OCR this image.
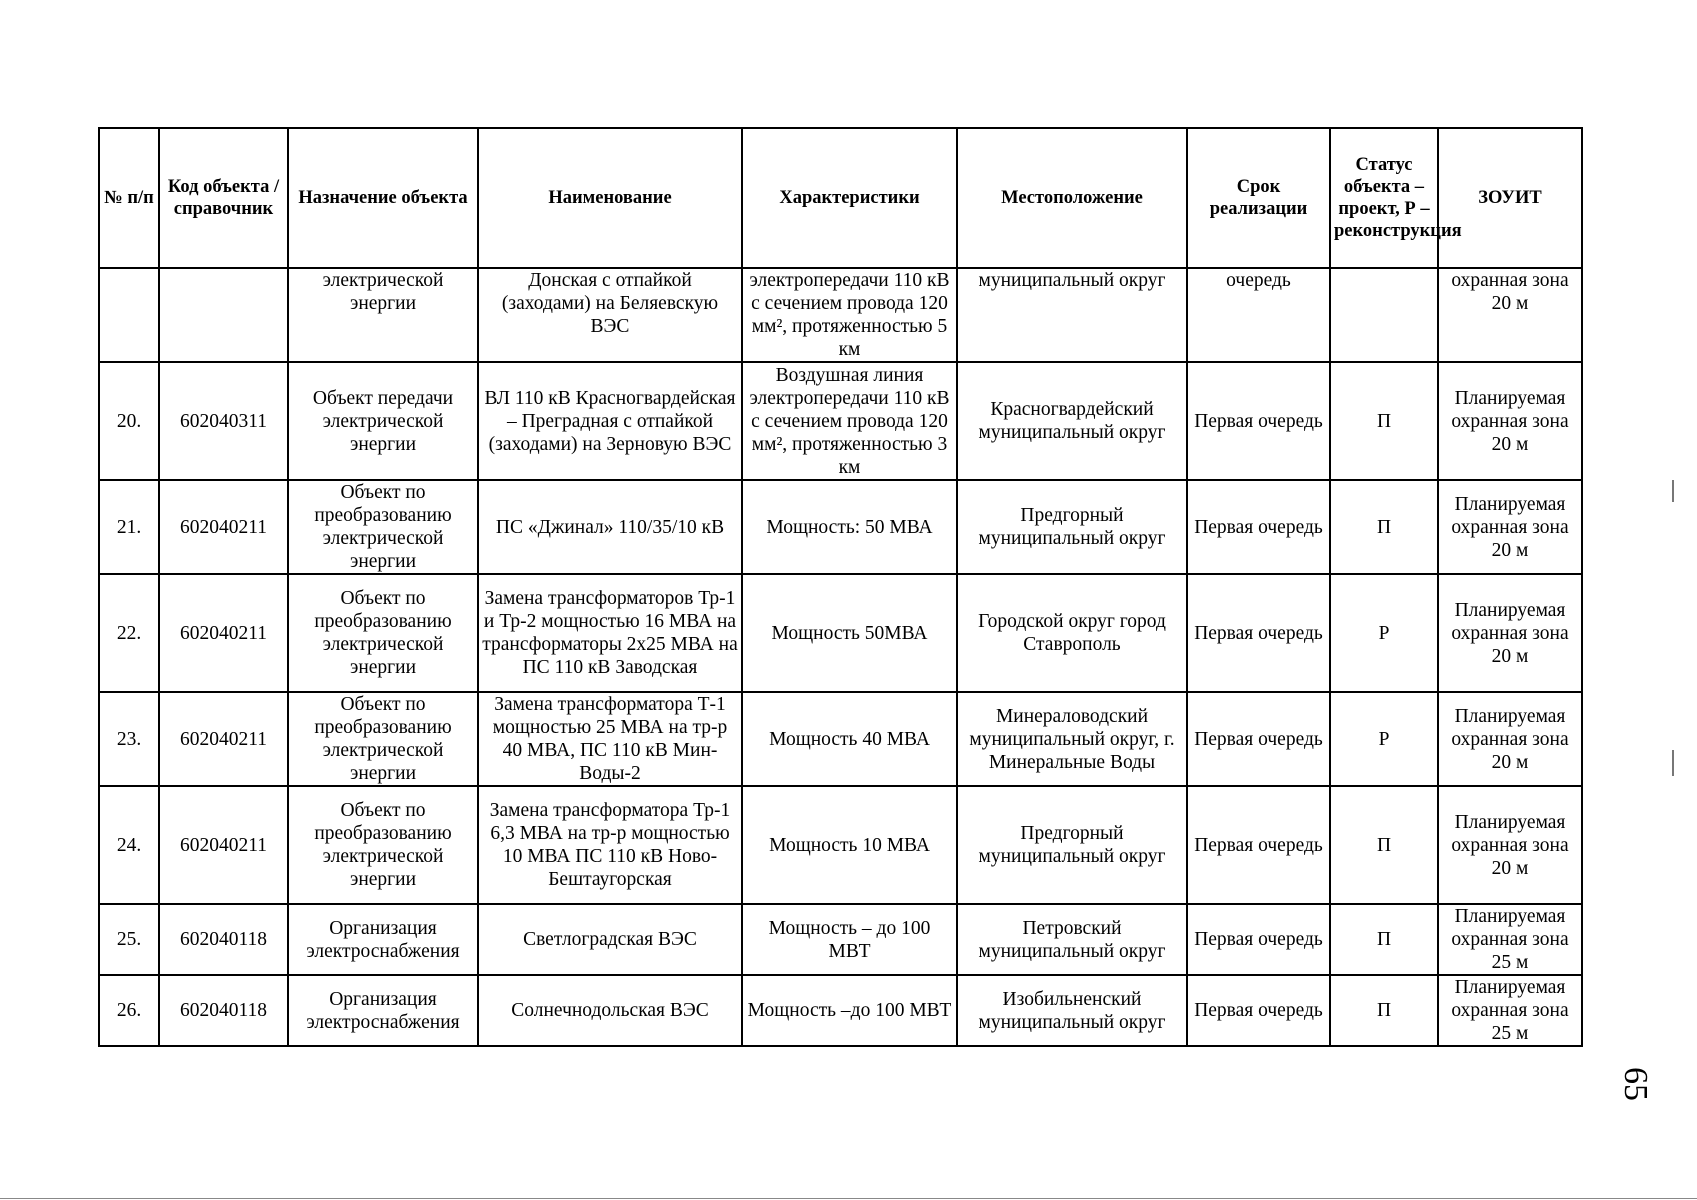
№ п/п	Код объекта / справочник	Назначение объекта	Наименование	Характеристики	Местоположение	Срок реализации	Статус объекта – проект, Р – реконструкция	ЗОУИТ
		электрической энергии	Донская с отпайкой (заходами) на Беляевскую ВЭС	электропередачи 110 кВ с сечением провода 120 мм², протяженностью 5 км	муниципальный округ	очередь		охранная зона 20 м
20.	602040311	Объект передачи электрической энергии	ВЛ 110 кВ Красногвардейская – Преградная с отпайкой (заходами) на Зерновую ВЭС	Воздушная линия электропередачи 110 кВ с сечением провода 120 мм², протяженностью 3 км	Красногвардейский муниципальный округ	Первая очередь	П	Планируемая охранная зона 20 м
21.	602040211	Объект по преобразованию электрической энергии	ПС «Джинал» 110/35/10 кВ	Мощность: 50 МВА	Предгорный муниципальный округ	Первая очередь	П	Планируемая охранная зона 20 м
22.	602040211	Объект по преобразованию электрической энергии	Замена трансформаторов Тр-1 и Тр-2 мощностью 16 МВА на трансформаторы 2х25 МВА на ПС 110 кВ Заводская	Мощность 50МВА	Городской округ город Ставрополь	Первая очередь	Р	Планируемая охранная зона 20 м
23.	602040211	Объект по преобразованию электрической энергии	Замена трансформатора Т-1 мощностью 25 МВА на тр-р 40 МВА, ПС 110 кВ Мин-Воды-2	Мощность 40 МВА	Минераловодский муниципальный округ, г. Минеральные Воды	Первая очередь	Р	Планируемая охранная зона 20 м
24.	602040211	Объект по преобразованию электрической энергии	Замена трансформатора Тр-1 6,3 МВА на тр-р мощностью 10 МВА ПС 110 кВ Ново-Бештаугорская	Мощность 10 МВА	Предгорный муниципальный округ	Первая очередь	П	Планируемая охранная зона 20 м
25.	602040118	Организация электроснабжения	Светлоградская ВЭС	Мощность – до 100 МВТ	Петровский муниципальный округ	Первая очередь	П	Планируемая охранная зона 25 м
26.	602040118	Организация электроснабжения	Солнечнодольская ВЭС	Мощность –до 100 МВТ	Изобильненский муниципальный округ	Первая очередь	П	Планируемая охранная зона 25 м
65
